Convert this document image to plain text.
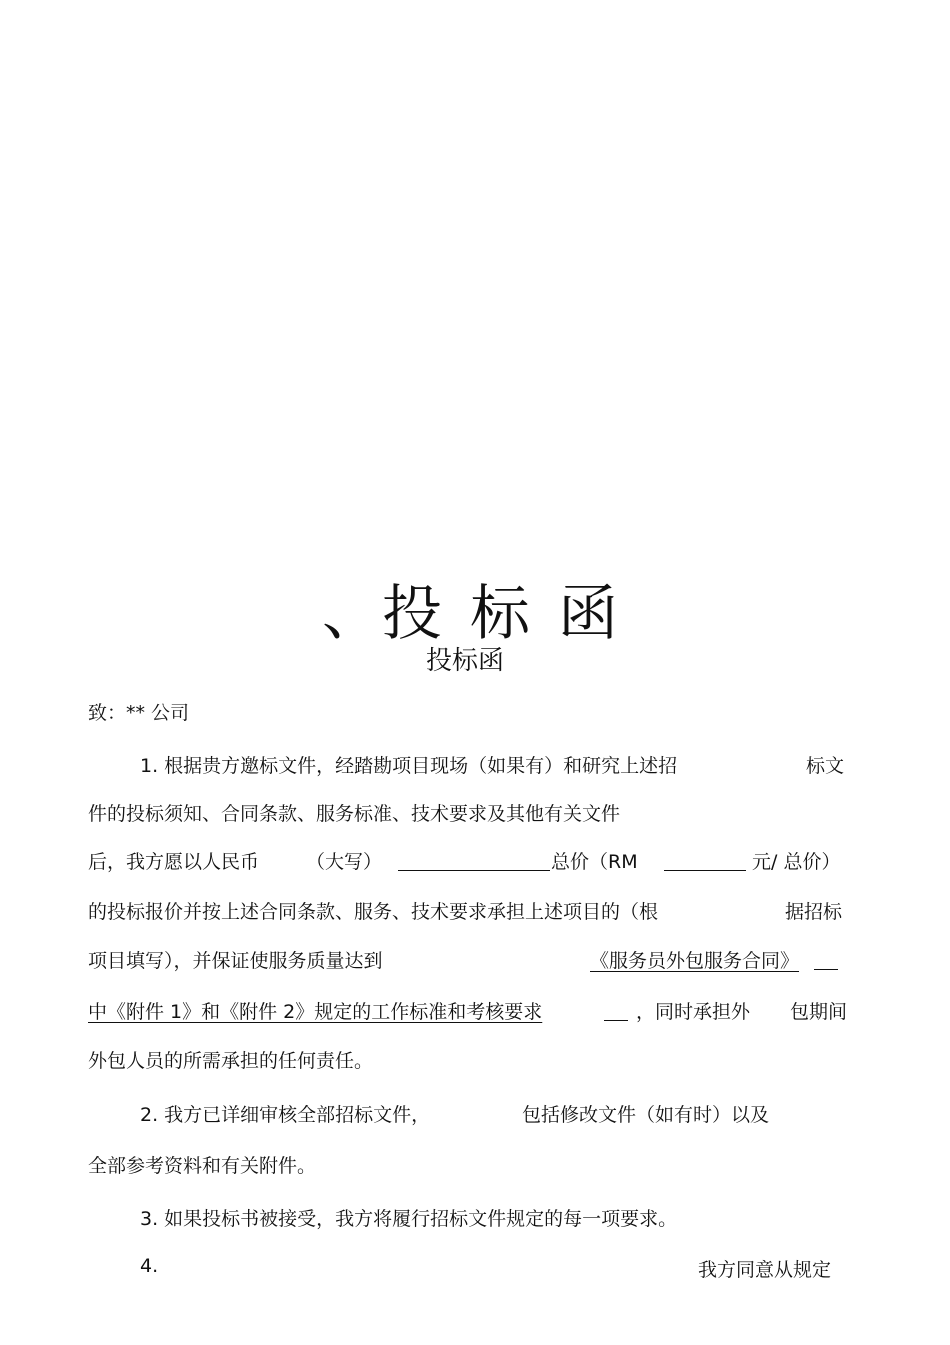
、投 标 函
投标函
致：** 公司
1. 根据贵方邀标文件，经踏勘项目现场（如果有）和研究上述招	标文
件的投标须知、合同条款、服务标准、技术要求及其他有关文件
后，我方愿以人民币 （大写）	总价（RM	元/ 总价）
的投标报价并按上述合同条款、服务、技术要求承担上述项目的（根	据招标
项目填写），并保证使服务质量达到	《服务员外包服务合同》
中《附件 1》和《附件 2》规定的工作标准和考核要求	，同时承担外 包期间
外包人员的所需承担的任何责任。
2. 我方已详细审核全部招标文件，	包括修改文件（如有时）以及
全部参考资料和有关附件。
3. 如果投标书被接受，我方将履行招标文件规定的每一项要求。
4.	我方同意从规定
